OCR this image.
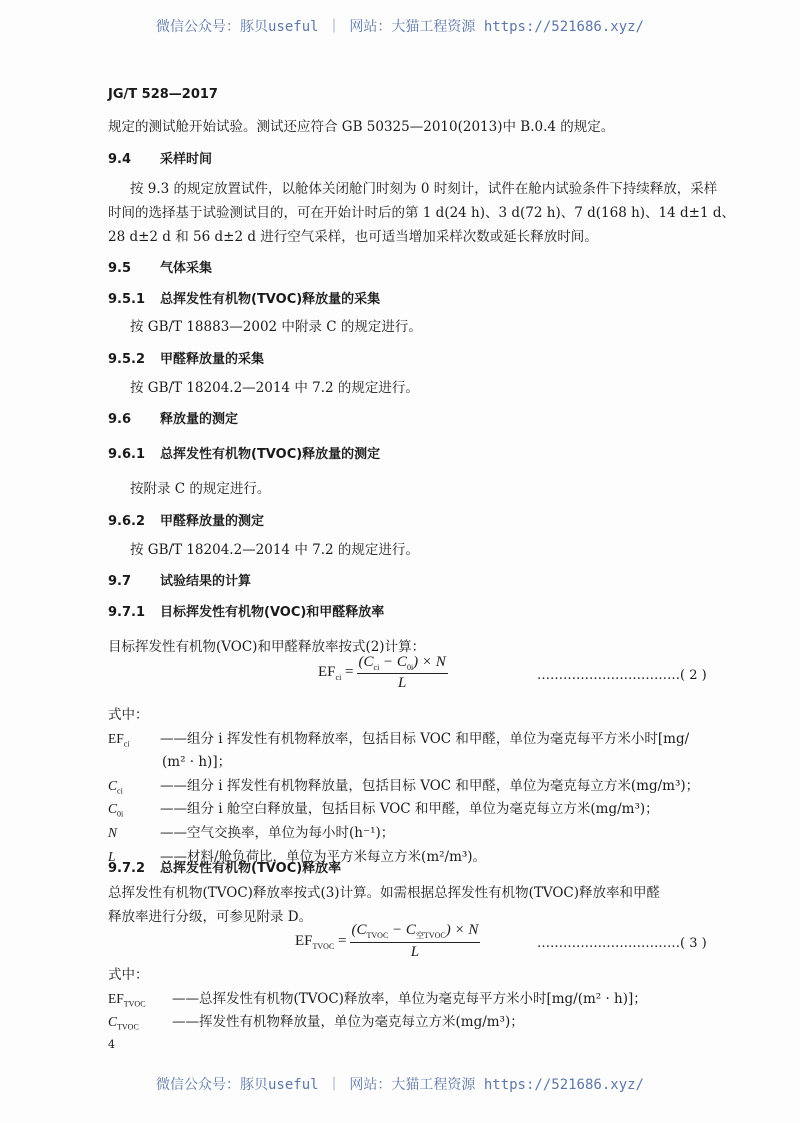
微信公众号：豚贝useful ｜ 网站：大猫工程资源 https://521686.xyz/
JG/T 528—2017
规定的测试舱开始试验。测试还应符合 GB 50325—2010(2013)中 B.0.4 的规定。
9.4 采样时间
按 9.3 的规定放置试件，以舱体关闭舱门时刻为 0 时刻计，试件在舱内试验条件下持续释放，采样
时间的选择基于试验测试目的，可在开始计时后的第 1 d(24 h)、3 d(72 h)、7 d(168 h)、14 d±1 d、
28 d±2 d 和 56 d±2 d 进行空气采样，也可适当增加采样次数或延长释放时间。
9.5 气体采集
9.5.1 总挥发性有机物(TVOC)释放量的采集
按 GB/T 18883—2002 中附录 C 的规定进行。
9.5.2 甲醛释放量的采集
按 GB/T 18204.2—2014 中 7.2 的规定进行。
9.6 释放量的测定
9.6.1 总挥发性有机物(TVOC)释放量的测定
按附录 C 的规定进行。
9.6.2 甲醛释放量的测定
按 GB/T 18204.2—2014 中 7.2 的规定进行。
9.7 试验结果的计算
9.7.1 目标挥发性有机物(VOC)和甲醛释放率
目标挥发性有机物(VOC)和甲醛释放率按式(2)计算：
$EF_{ci} = \frac{(C_{ci} - C_{0i}) \times N}{L}$	……………………………( 2 )
式中：
$EF_{ci}$ ——组分 i 挥发性有机物释放率，包括目标 VOC 和甲醛，单位为毫克每平方米小时[mg/
(m² · h)]；
$C_{ci}$	——组分 i 挥发性有机物释放量，包括目标 VOC 和甲醛，单位为毫克每立方米(mg/m³)；
$C_{0i}$	——组分 i 舱空白释放量，包括目标 VOC 和甲醛，单位为毫克每立方米(mg/m³)；
N	——空气交换率，单位为每小时(h⁻¹)；
L	——材料/舱负荷比，单位为平方米每立方米(m²/m³)。
9.7.2 总挥发性有机物(TVOC)释放率
总挥发性有机物(TVOC)释放率按式(3)计算。如需根据总挥发性有机物(TVOC)释放率和甲醛
释放率进行分级，可参见附录 D。
$EF_{TVOC} = \frac{(C_{TVOC} - C_{空TVOC}) \times N}{L}$	……………………………( 3 )
式中：
$EF_{TVOC}$ ——总挥发性有机物(TVOC)释放率，单位为毫克每平方米小时[mg/(m² · h)]；
$C_{TVOC}$ ——挥发性有机物释放量，单位为毫克每立方米(mg/m³)；
4
微信公众号：豚贝useful ｜ 网站：大猫工程资源 https://521686.xyz/
